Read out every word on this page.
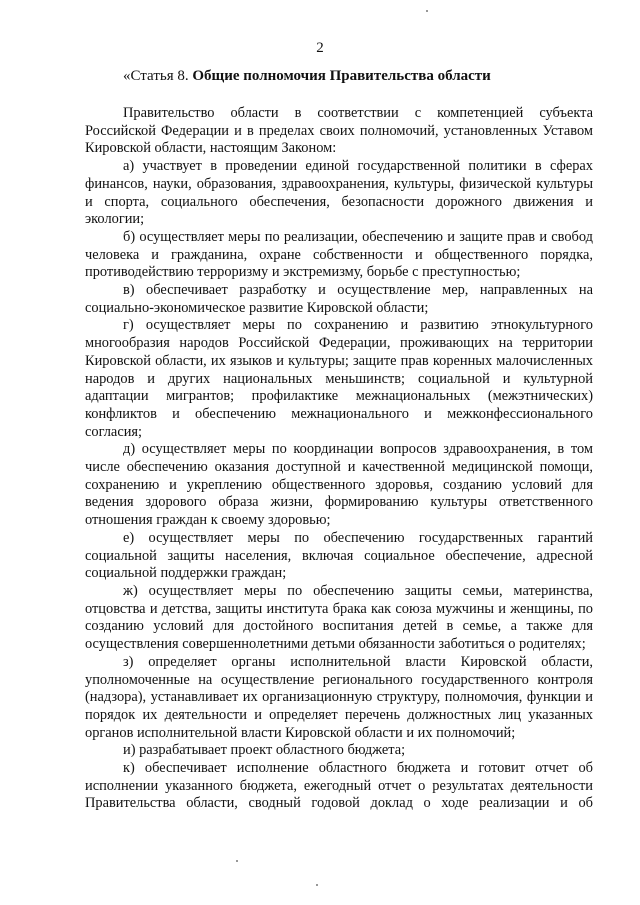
2
«Статья 8. Общие полномочия Правительства области

Правительство области в соответствии с компетенцией субъекта Российской Федерации и в пределах своих полномочий, установленных Уставом Кировской области, настоящим Законом:

а) участвует в проведении единой государственной политики в сферах финансов, науки, образования, здравоохранения, культуры, физической культуры и спорта, социального обеспечения, безопасности дорожного движения и экологии;

б) осуществляет меры по реализации, обеспечению и защите прав и свобод человека и гражданина, охране собственности и общественного порядка, противодействию терроризму и экстремизму, борьбе с преступностью;

в) обеспечивает разработку и осуществление мер, направленных на социально-экономическое развитие Кировской области;

г) осуществляет меры по сохранению и развитию этнокультурного многообразия народов Российской Федерации, проживающих на территории Кировской области, их языков и культуры; защите прав коренных малочисленных народов и других национальных меньшинств; социальной и культурной адаптации мигрантов; профилактике межнациональных (межэтнических) конфликтов и обеспечению межнационального и межконфессионального согласия;

д) осуществляет меры по координации вопросов здравоохранения, в том числе обеспечению оказания доступной и качественной медицинской помощи, сохранению и укреплению общественного здоровья, созданию условий для ведения здорового образа жизни, формированию культуры ответственного отношения граждан к своему здоровью;

е) осуществляет меры по обеспечению государственных гарантий социальной защиты населения, включая социальное обеспечение, адресной социальной поддержки граждан;

ж) осуществляет меры по обеспечению защиты семьи, материнства, отцовства и детства, защиты института брака как союза мужчины и женщины, по созданию условий для достойного воспитания детей в семье, а также для осуществления совершеннолетними детьми обязанности заботиться о родителях;

з) определяет органы исполнительной власти Кировской области, уполномоченные на осуществление регионального государственного контроля (надзора), устанавливает их организационную структуру, полномочия, функции и порядок их деятельности и определяет перечень должностных лиц указанных органов исполнительной власти Кировской области и их полномочий;

и) разрабатывает проект областного бюджета;

к) обеспечивает исполнение областного бюджета и готовит отчет об исполнении указанного бюджета, ежегодный отчет о результатах деятельности Правительства области, сводный годовой доклад о ходе реализации и об
